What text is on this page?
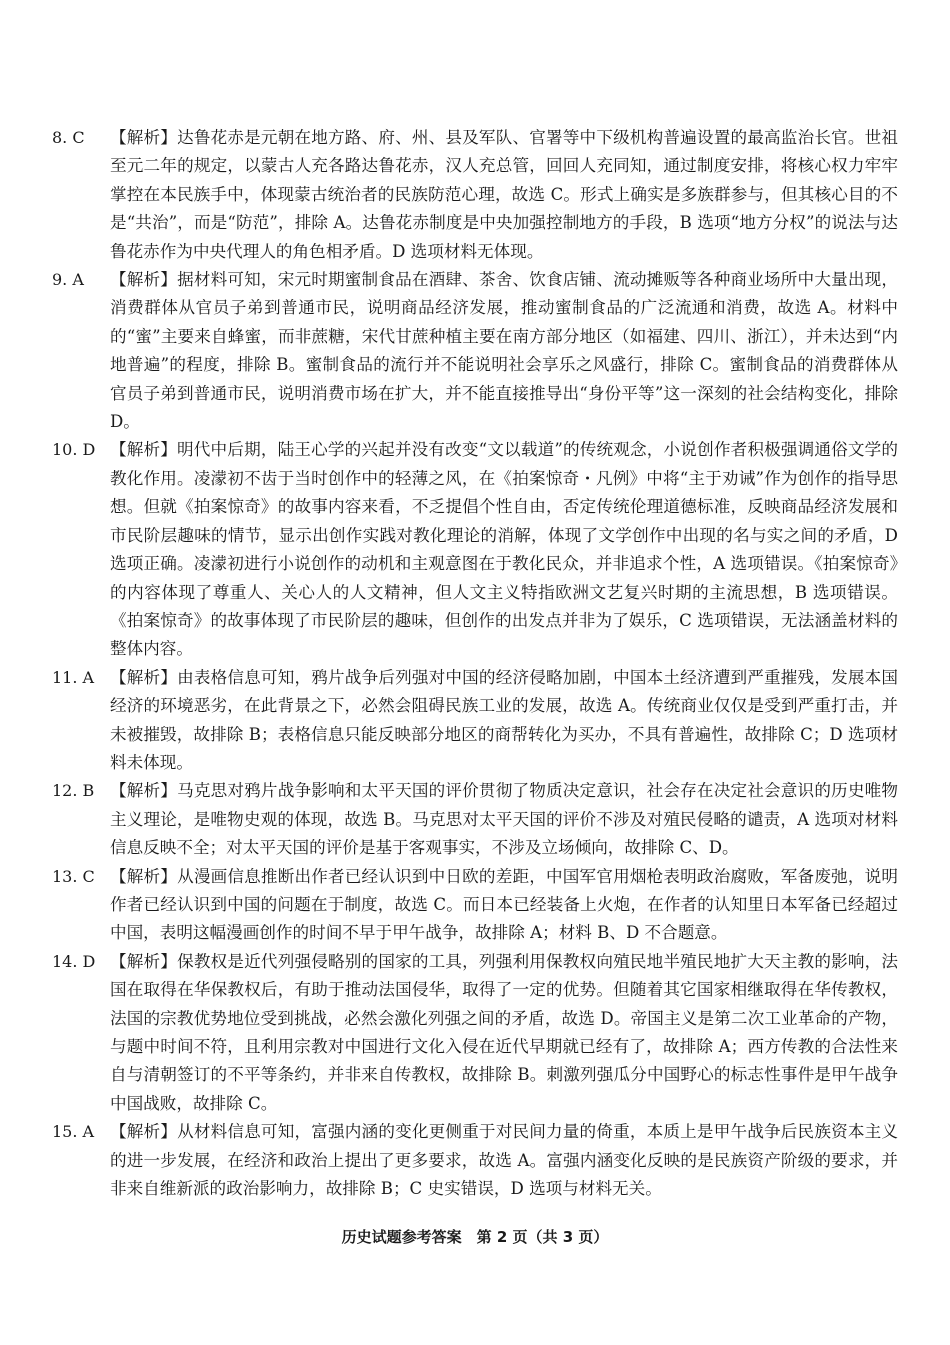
8. C	【解析】达鲁花赤是元朝在地方路、府、州、县及军队、官署等中下级机构普遍设置的最高监治长官。世祖至元二年的规定，以蒙古人充各路达鲁花赤，汉人充总管，回回人充同知，通过制度安排，将核心权力牢牢掌控在本民族手中，体现蒙古统治者的民族防范心理，故选 C。形式上确实是多族群参与，但其核心目的不是“共治”，而是“防范”，排除 A。达鲁花赤制度是中央加强控制地方的手段，B 选项“地方分权”的说法与达鲁花赤作为中央代理人的角色相矛盾。D 选项材料无体现。
9. A	【解析】据材料可知，宋元时期蜜制食品在酒肆、茶舍、饮食店铺、流动摊贩等各种商业场所中大量出现，消费群体从官员子弟到普通市民，说明商品经济发展，推动蜜制食品的广泛流通和消费，故选 A。材料中的“蜜”主要来自蜂蜜，而非蔗糖，宋代甘蔗种植主要在南方部分地区（如福建、四川、浙江），并未达到“内地普遍”的程度，排除 B。蜜制食品的流行并不能说明社会享乐之风盛行，排除 C。蜜制食品的消费群体从官员子弟到普通市民，说明消费市场在扩大，并不能直接推导出“身份平等”这一深刻的社会结构变化，排除 D。
10. D 【解析】明代中后期，陆王心学的兴起并没有改变“文以载道”的传统观念，小说创作者积极强调通俗文学的教化作用。凌濛初不齿于当时创作中的轻薄之风，在《拍案惊奇・凡例》中将“主于劝诫”作为创作的指导思想。但就《拍案惊奇》的故事内容来看，不乏提倡个性自由，否定传统伦理道德标准，反映商品经济发展和市民阶层趣味的情节，显示出创作实践对教化理论的消解，体现了文学创作中出现的名与实之间的矛盾，D 选项正确。凌濛初进行小说创作的动机和主观意图在于教化民众，并非追求个性，A 选项错误。《拍案惊奇》的内容体现了尊重人、关心人的人文精神，但人文主义特指欧洲文艺复兴时期的主流思想，B 选项错误。《拍案惊奇》的故事体现了市民阶层的趣味，但创作的出发点并非为了娱乐，C 选项错误，无法涵盖材料的整体内容。
11. A 【解析】由表格信息可知，鸦片战争后列强对中国的经济侵略加剧，中国本土经济遭到严重摧残，发展本国经济的环境恶劣，在此背景之下，必然会阻碍民族工业的发展，故选 A。传统商业仅仅是受到严重打击，并未被摧毁，故排除 B；表格信息只能反映部分地区的商帮转化为买办，不具有普遍性，故排除 C；D 选项材料未体现。
12. B 【解析】马克思对鸦片战争影响和太平天国的评价贯彻了物质决定意识，社会存在决定社会意识的历史唯物主义理论，是唯物史观的体现，故选 B。马克思对太平天国的评价不涉及对殖民侵略的谴责，A 选项对材料信息反映不全；对太平天国的评价是基于客观事实，不涉及立场倾向，故排除 C、D。
13. C 【解析】从漫画信息推断出作者已经认识到中日欧的差距，中国军官用烟枪表明政治腐败，军备废弛，说明作者已经认识到中国的问题在于制度，故选 C。而日本已经装备上火炮，在作者的认知里日本军备已经超过中国，表明这幅漫画创作的时间不早于甲午战争，故排除 A；材料 B、D 不合题意。
14. D 【解析】保教权是近代列强侵略别的国家的工具，列强利用保教权向殖民地半殖民地扩大天主教的影响，法国在取得在华保教权后，有助于推动法国侵华，取得了一定的优势。但随着其它国家相继取得在华传教权，法国的宗教优势地位受到挑战，必然会激化列强之间的矛盾，故选 D。帝国主义是第二次工业革命的产物，与题中时间不符，且利用宗教对中国进行文化入侵在近代早期就已经有了，故排除 A；西方传教的合法性来自与清朝签订的不平等条约，并非来自传教权，故排除 B。刺激列强瓜分中国野心的标志性事件是甲午战争中国战败，故排除 C。
15. A 【解析】从材料信息可知，富强内涵的变化更侧重于对民间力量的倚重，本质上是甲午战争后民族资本主义的进一步发展，在经济和政治上提出了更多要求，故选 A。富强内涵变化反映的是民族资产阶级的要求，并非来自维新派的政治影响力，故排除 B；C 史实错误，D 选项与材料无关。
历史试题参考答案　第 2 页（共 3 页）
